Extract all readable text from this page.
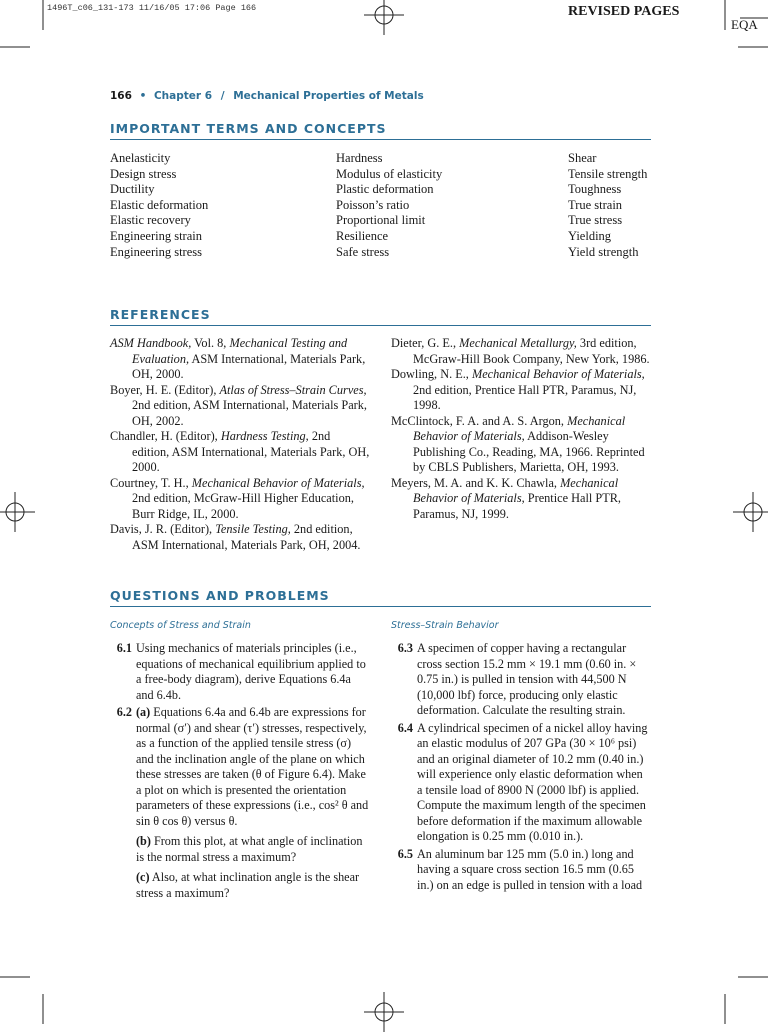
1496T_c06_131-173 11/16/05 17:06 Page 166	REVISED PAGES
EQA
166 • Chapter 6 / Mechanical Properties of Metals
IMPORTANT TERMS AND CONCEPTS
Anelasticity
Design stress
Ductility
Elastic deformation
Elastic recovery
Engineering strain
Engineering stress
Hardness
Modulus of elasticity
Plastic deformation
Poisson’s ratio
Proportional limit
Resilience
Safe stress
Shear
Tensile strength
Toughness
True strain
True stress
Yielding
Yield strength
REFERENCES

ASM Handbook, Vol. 8, Mechanical Testing and Evaluation, ASM International, Materials Park, OH, 2000.

Boyer, H. E. (Editor), Atlas of Stress–Strain Curves, 2nd edition, ASM International, Materials Park, OH, 2002.

Chandler, H. (Editor), Hardness Testing, 2nd edition, ASM International, Materials Park, OH, 2000.

Courtney, T. H., Mechanical Behavior of Materials, 2nd edition, McGraw-Hill Higher Education, Burr Ridge, IL, 2000.

Davis, J. R. (Editor), Tensile Testing, 2nd edition, ASM International, Materials Park, OH, 2004.

Dieter, G. E., Mechanical Metallurgy, 3rd edition, McGraw-Hill Book Company, New York, 1986.

Dowling, N. E., Mechanical Behavior of Materials, 2nd edition, Prentice Hall PTR, Paramus, NJ, 1998.

McClintock, F. A. and A. S. Argon, Mechanical Behavior of Materials, Addison-Wesley Publishing Co., Reading, MA, 1966. Reprinted by CBLS Publishers, Marietta, OH, 1993.

Meyers, M. A. and K. K. Chawla, Mechanical Behavior of Materials, Prentice Hall PTR, Paramus, NJ, 1999.

QUESTIONS AND PROBLEMS
Concepts of Stress and Strain	Stress–Strain Behavior
6.1 Using mechanics of materials principles (i.e., equations of mechanical equilibrium applied to a free-body diagram), derive Equations 6.4a and 6.4b.

6.2 (a) Equations 6.4a and 6.4b are expressions for normal (σ′) and shear (τ′) stresses, respectively, as a function of the applied tensile stress (σ) and the inclination angle of the plane on which these stresses are taken (θ of Figure 6.4). Make a plot on which is presented the orientation parameters of these expressions (i.e., cos² θ and sin θ cos θ) versus θ.

(b) From this plot, at what angle of inclination is the normal stress a maximum?

(c) Also, at what inclination angle is the shear stress a maximum?

6.3 A specimen of copper having a rectangular cross section 15.2 mm × 19.1 mm (0.60 in. × 0.75 in.) is pulled in tension with 44,500 N (10,000 lbf) force, producing only elastic deformation. Calculate the resulting strain.

6.4 A cylindrical specimen of a nickel alloy having an elastic modulus of 207 GPa (30 × 10⁶ psi) and an original diameter of 10.2 mm (0.40 in.) will experience only elastic deformation when a tensile load of 8900 N (2000 lbf) is applied. Compute the maximum length of the specimen before deformation if the maximum allowable elongation is 0.25 mm (0.010 in.).

6.5 An aluminum bar 125 mm (5.0 in.) long and having a square cross section 16.5 mm (0.65 in.) on an edge is pulled in tension with a load
